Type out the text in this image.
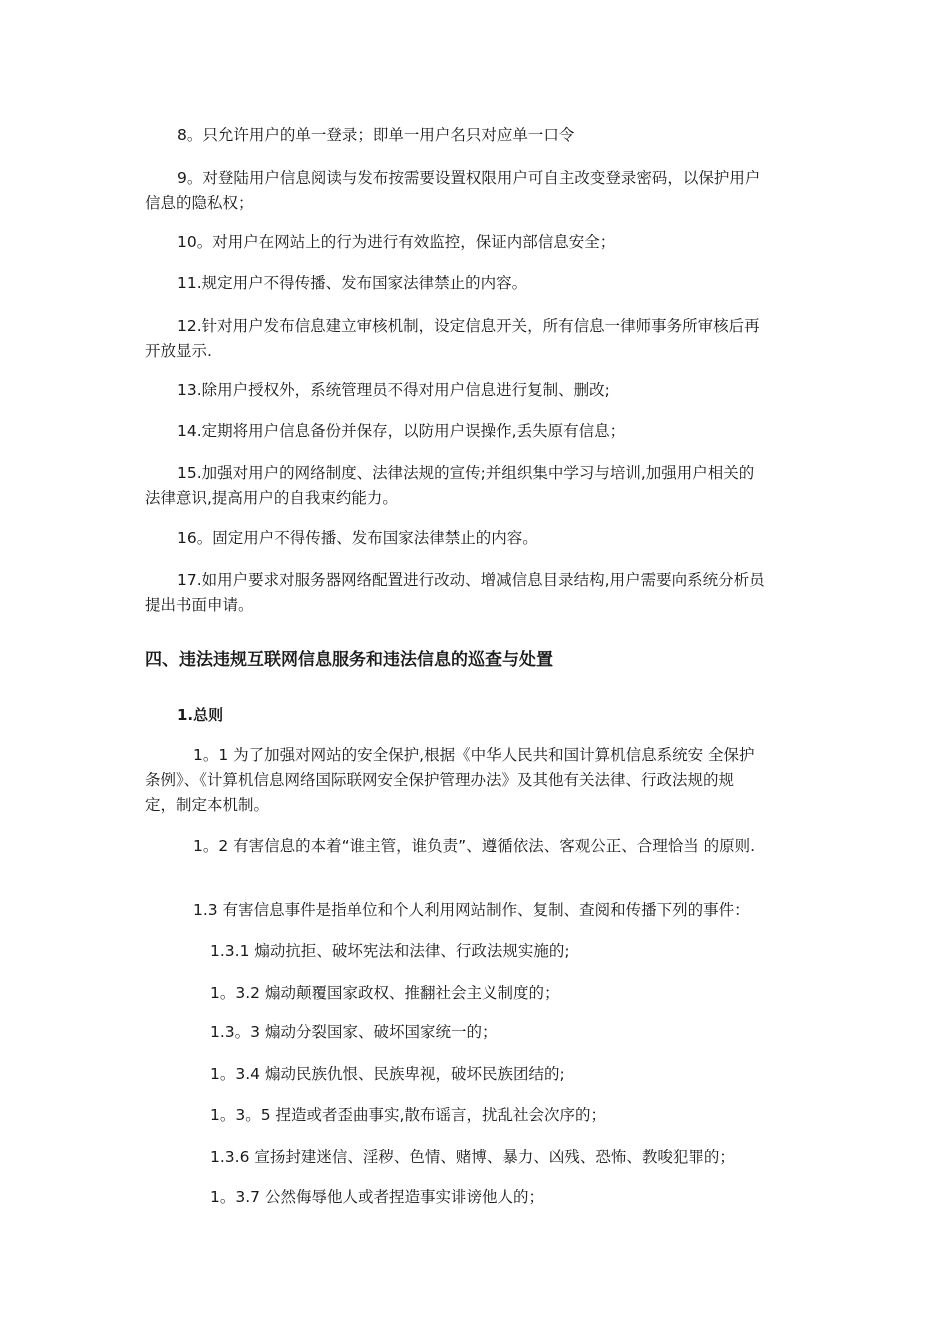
8。只允许用户的单一登录；即单一用户名只对应单一口令
9。对登陆用户信息阅读与发布按需要设置权限用户可自主改变登录密码，以保护用户
信息的隐私权；
10。对用户在网站上的行为进行有效监控，保证内部信息安全；
11.规定用户不得传播、发布国家法律禁止的内容。
12.针对用户发布信息建立审核机制，设定信息开关，所有信息一律师事务所审核后再
开放显示.
13.除用户授权外，系统管理员不得对用户信息进行复制、删改;
14.定期将用户信息备份并保存，以防用户误操作,丢失原有信息；
15.加强对用户的网络制度、法律法规的宣传;并组织集中学习与培训,加强用户相关的
法律意识,提高用户的自我束约能力。
16。固定用户不得传播、发布国家法律禁止的内容。
17.如用户要求对服务器网络配置进行改动、增减信息目录结构,用户需要向系统分析员
提出书面申请。
四、违法违规互联网信息服务和违法信息的巡查与处置
1.总则
1。1 为了加强对网站的安全保护,根据《中华人民共和国计算机信息系统安 全保护
条例》、《计算机信息网络国际联网安全保护管理办法》及其他有关法律、行政法规的规
定，制定本机制。
1。2 有害信息的本着“谁主管，谁负责”、遵循依法、客观公正、合理恰当 的原则.
1.3 有害信息事件是指单位和个人利用网站制作、复制、查阅和传播下列的事件：
1.3.1 煽动抗拒、破坏宪法和法律、行政法规实施的;
1。3.2 煽动颠覆国家政权、推翻社会主义制度的；
1.3。3 煽动分裂国家、破坏国家统一的；
1。3.4 煽动民族仇恨、民族卑视，破坏民族团结的;
1。3。5 捏造或者歪曲事实,散布谣言，扰乱社会次序的；
1.3.6 宣扬封建迷信、淫秽、色情、赌博、暴力、凶残、恐怖、教唆犯罪的；
1。3.7 公然侮辱他人或者捏造事实诽谤他人的；
